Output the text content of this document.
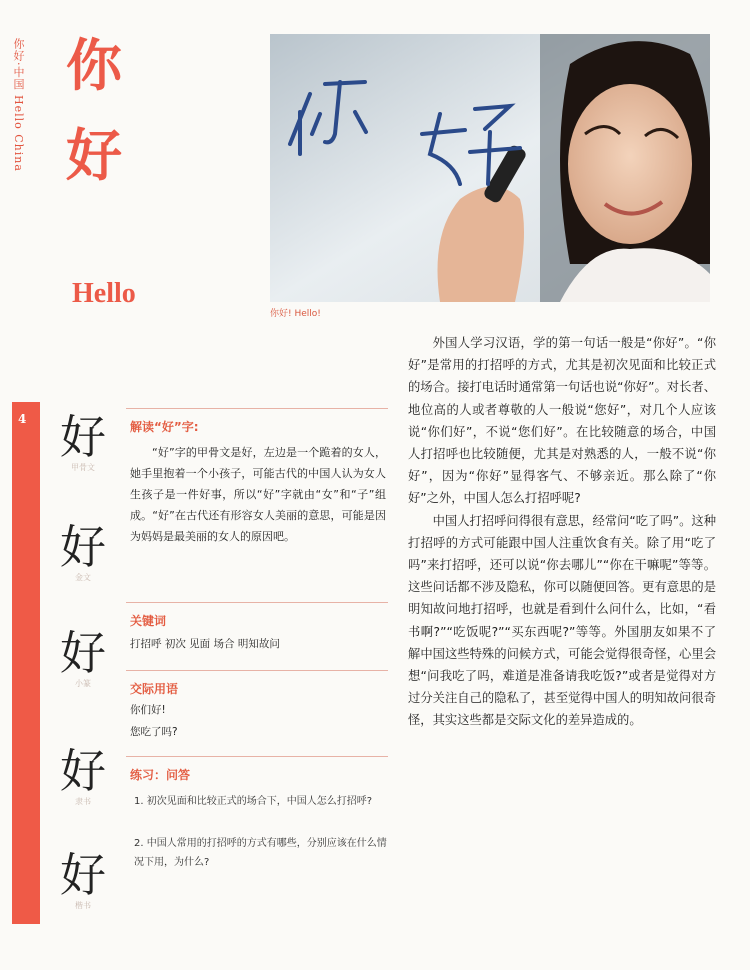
你好·中国 Hello China 你
好
Hello
你好! Hello!
4 好
甲骨文
好
金文
好
小篆
好
隶书
好
楷书
解读“好”字:

“好”字的甲骨文是好，左边是一个跪着的女人，她手里抱着一个小孩子，可能古代的中国人认为女人生孩子是一件好事，所以“好”字就由“女”和“子”组成。“好”在古代还有形容女人美丽的意思，可能是因为妈妈是最美丽的女人的原因吧。

关键词
打招呼 初次 见面 场合 明知故问
交际用语
你们好!
您吃了吗?
练习：问答
1. 初次见面和比较正式的场合下，中国人怎么打招呼?
2. 中国人常用的打招呼的方式有哪些，分别应该在什么情况下用，为什么?

外国人学习汉语，学的第一句话一般是“你好”。“你好”是常用的打招呼的方式，尤其是初次见面和比较正式的场合。接打电话时通常第一句话也说“你好”。对长者、地位高的人或者尊敬的人一般说“您好”，对几个人应该说“你们好”，不说“您们好”。在比较随意的场合，中国人打招呼也比较随便，尤其是对熟悉的人，一般不说“你好”，因为“你好”显得客气、不够亲近。那么除了“你好”之外，中国人怎么打招呼呢?

中国人打招呼问得很有意思，经常问“吃了吗”。这种打招呼的方式可能跟中国人注重饮食有关。除了用“吃了吗”来打招呼，还可以说“你去哪儿”“你在干嘛呢”等等。这些问话都不涉及隐私，你可以随便回答。更有意思的是明知故问地打招呼，也就是看到什么问什么，比如，“看书啊?”“吃饭呢?”“买东西呢?”等等。外国朋友如果不了解中国这些特殊的问候方式，可能会觉得很奇怪，心里会想“问我吃了吗，难道是准备请我吃饭?”或者是觉得对方过分关注自己的隐私了，甚至觉得中国人的明知故问很奇怪，其实这些都是交际文化的差异造成的。
